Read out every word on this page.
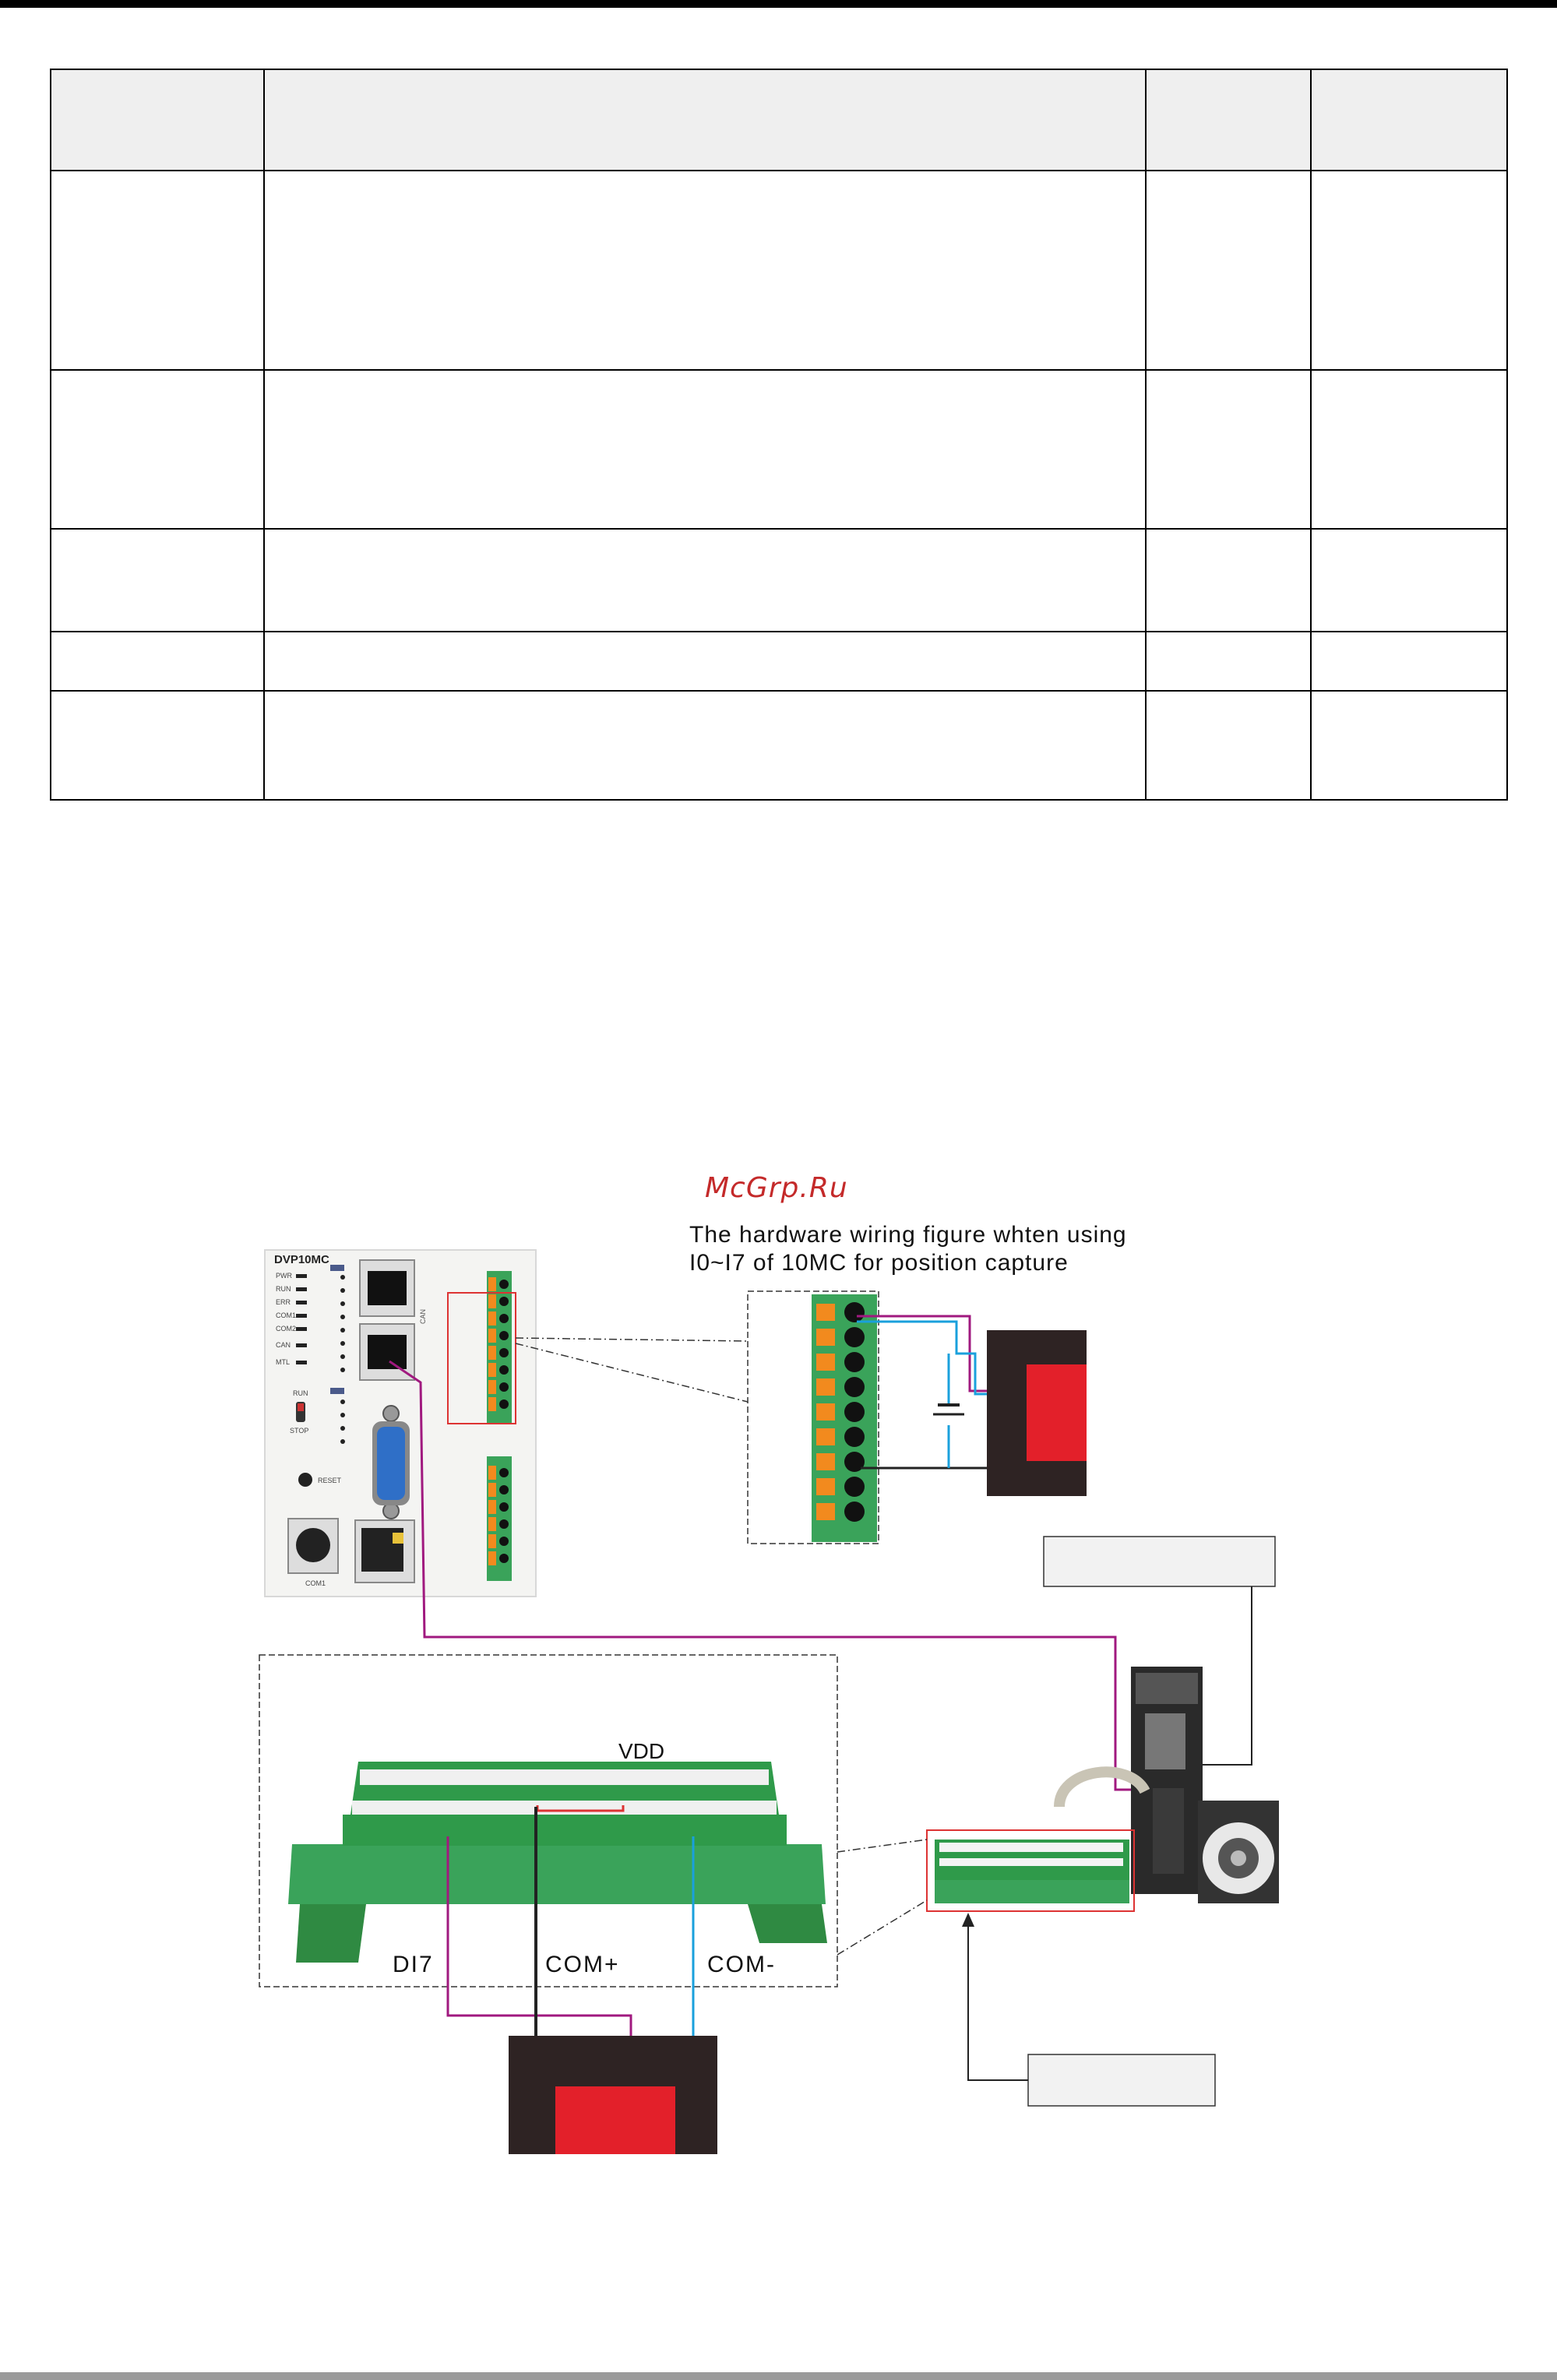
McGrp.Ru
The hardware wiring figure whten using
I0~I7 of 10MC for position capture
DVP10MC
PWR
RUN
ERR
COM1
COM2
CAN
MTL
CAN
RUN
STOP
RESET
COM1
VDD
DI7	COM+	COM-
